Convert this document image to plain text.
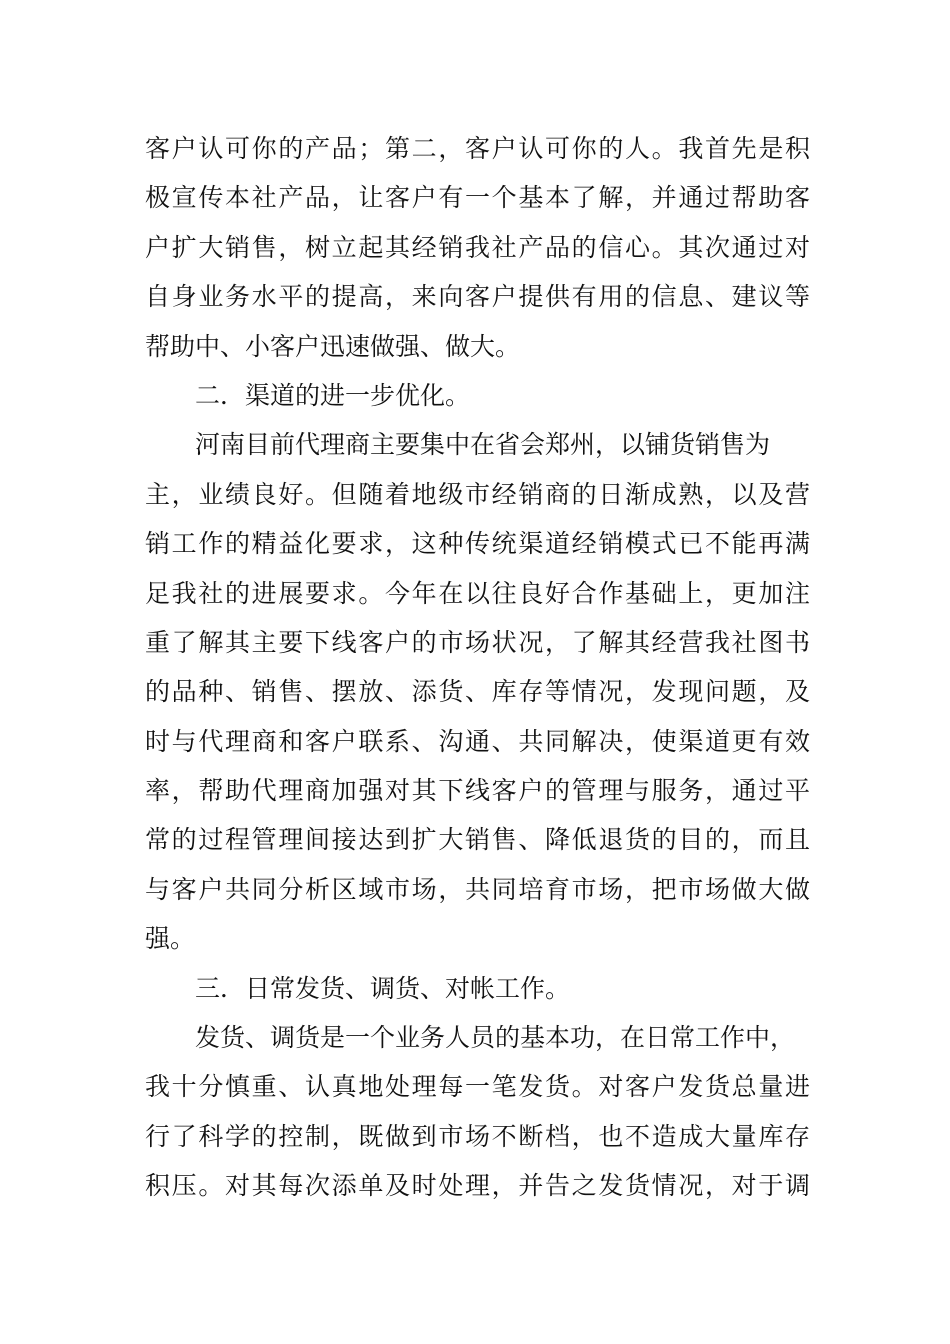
客户认可你的产品；第二，客户认可你的人。我首先是积
极宣传本社产品，让客户有一个基本了解，并通过帮助客
户扩大销售，树立起其经销我社产品的信心。其次通过对
自身业务水平的提高，来向客户提供有用的信息、建议等
帮助中、小客户迅速做强、做大。
二．渠道的进一步优化。
河南目前代理商主要集中在省会郑州，以铺货销售为
主，业绩良好。但随着地级市经销商的日渐成熟，以及营
销工作的精益化要求，这种传统渠道经销模式已不能再满
足我社的进展要求。今年在以往良好合作基础上，更加注
重了解其主要下线客户的市场状况，了解其经营我社图书
的品种、销售、摆放、添货、库存等情况，发现问题，及
时与代理商和客户联系、沟通、共同解决，使渠道更有效
率，帮助代理商加强对其下线客户的管理与服务，通过平
常的过程管理间接达到扩大销售、降低退货的目的，而且
与客户共同分析区域市场，共同培育市场，把市场做大做
强。
三．日常发货、调货、对帐工作。
发货、调货是一个业务人员的基本功，在日常工作中，
我十分慎重、认真地处理每一笔发货。对客户发货总量进
行了科学的控制，既做到市场不断档，也不造成大量库存
积压。对其每次添单及时处理，并告之发货情况，对于调
